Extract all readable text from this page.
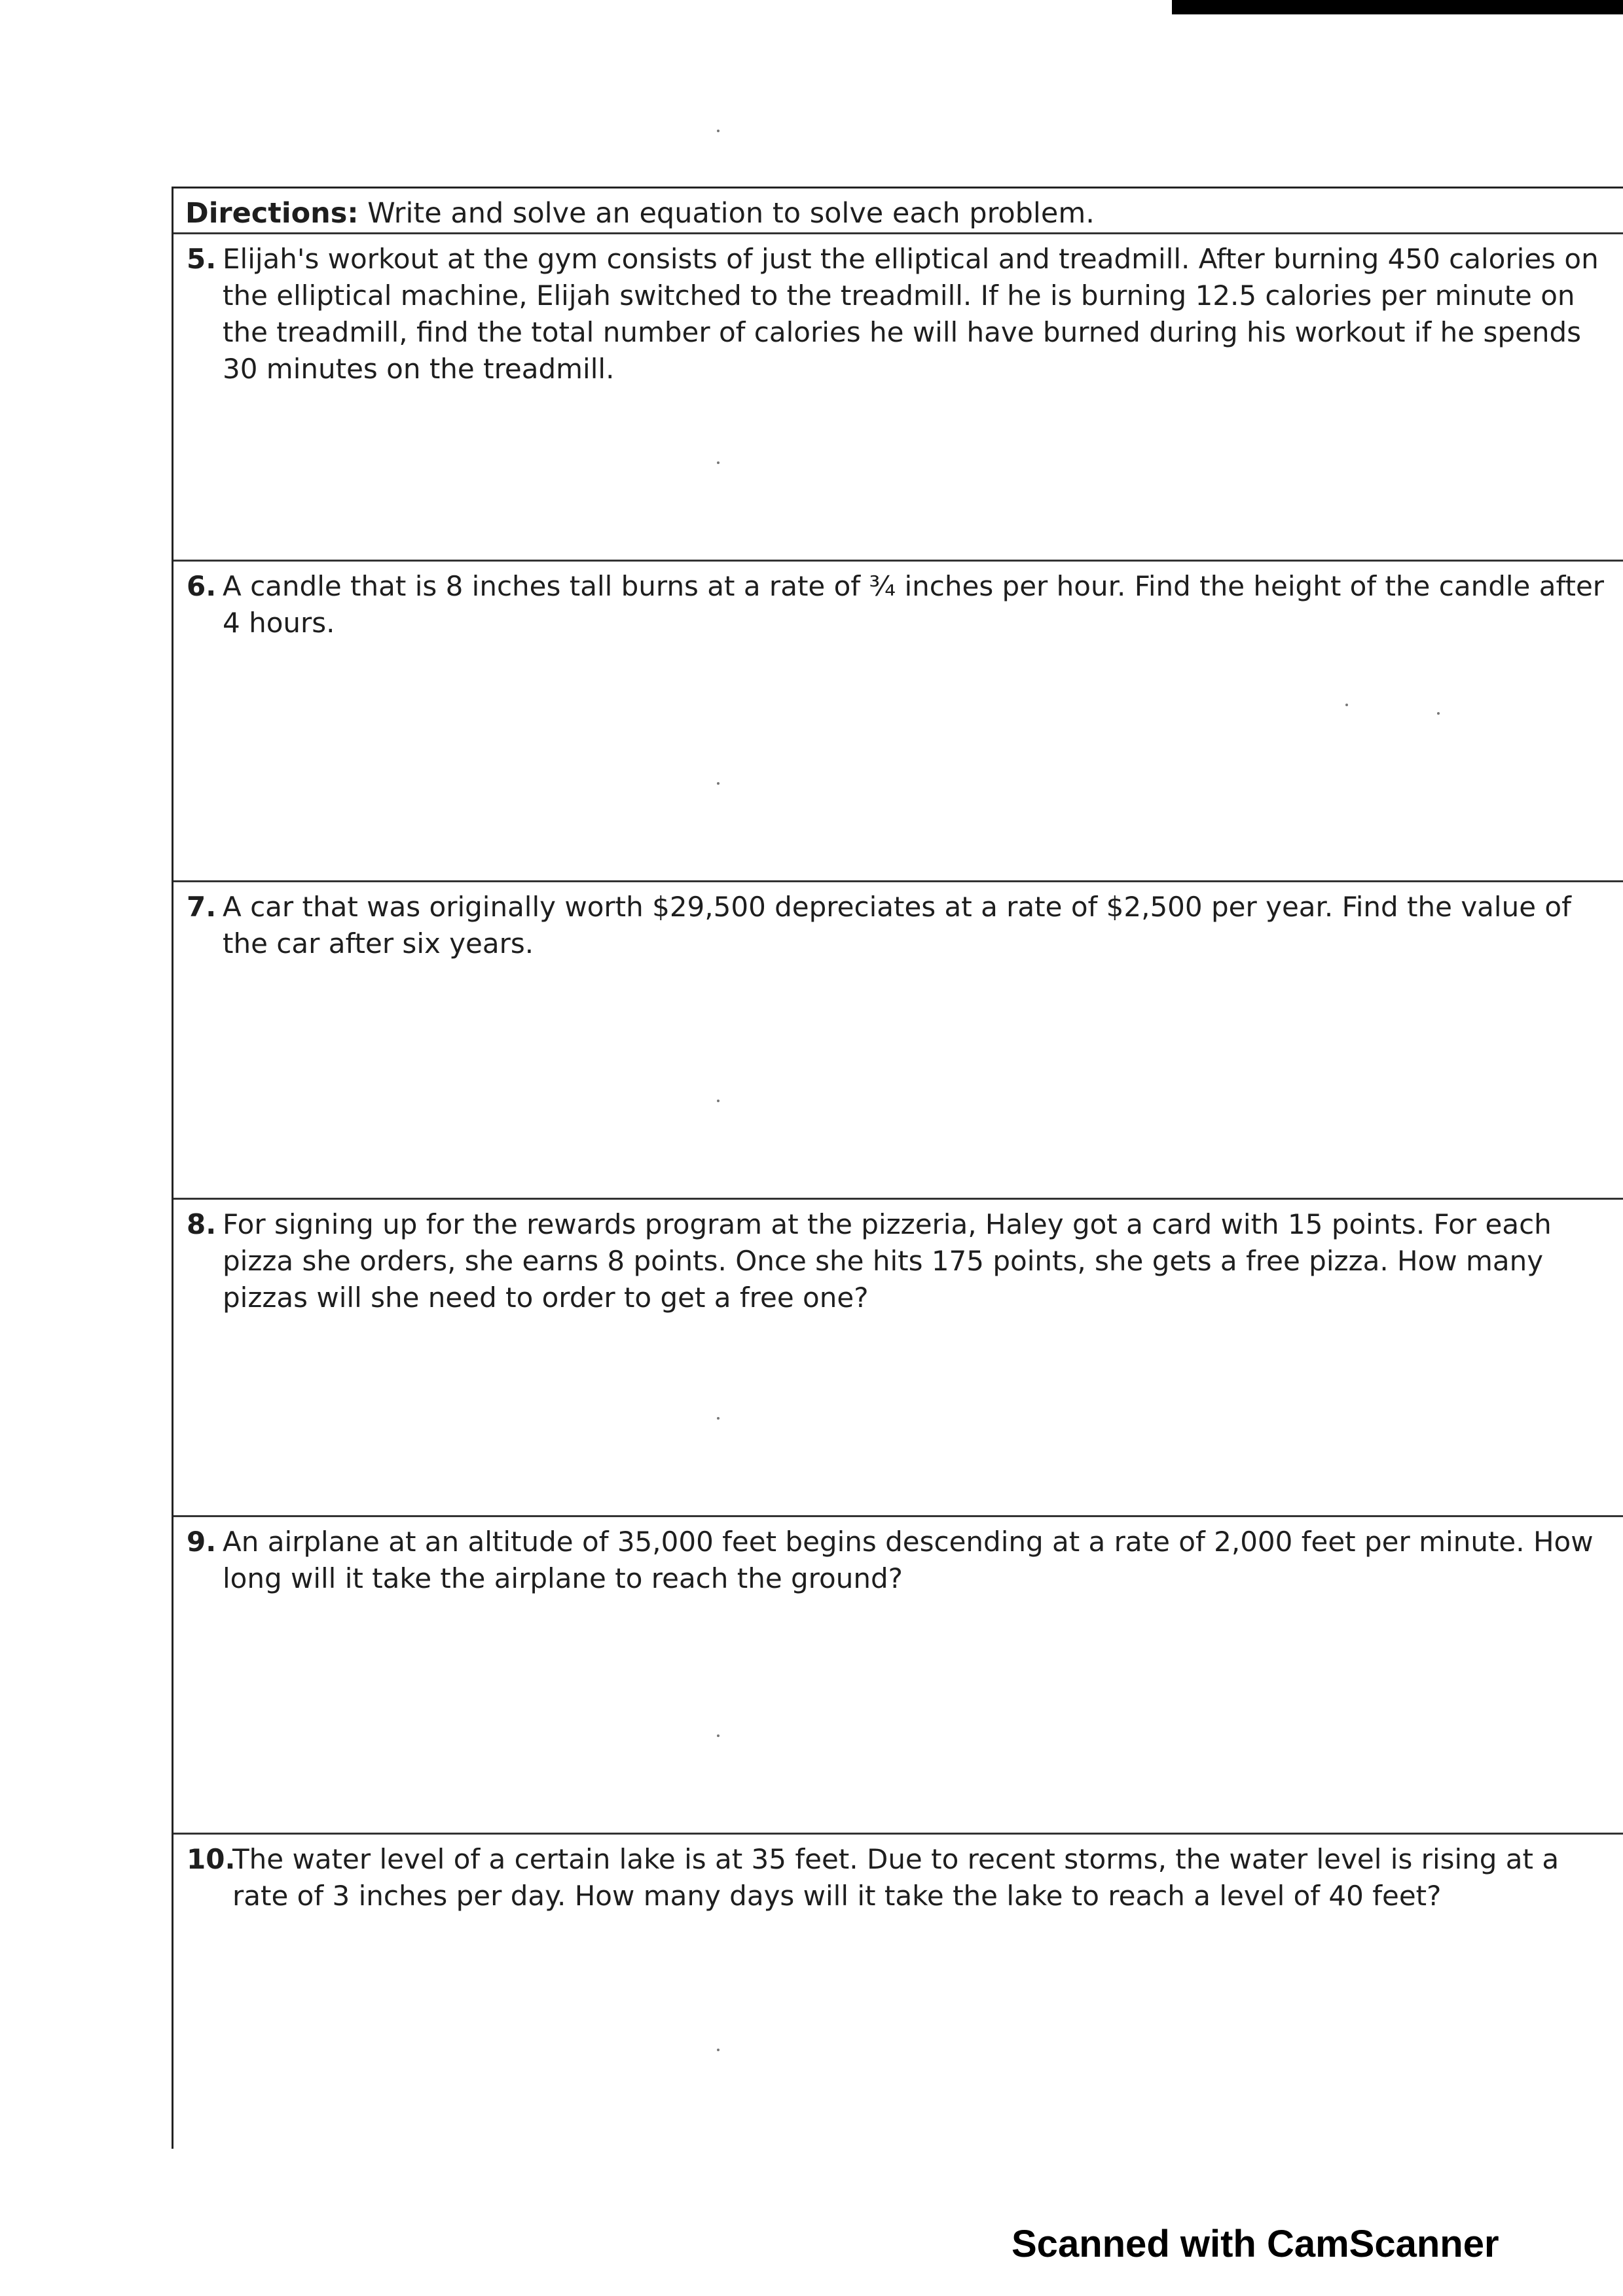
Directions: Write and solve an equation to solve each problem.

5. Elijah's workout at the gym consists of just the elliptical and treadmill. After burning 450 calories on the elliptical machine, Elijah switched to the treadmill. If he is burning 12.5 calories per minute on the treadmill, find the total number of calories he will have burned during his workout if he spends 30 minutes on the treadmill.

6. A candle that is 8 inches tall burns at a rate of ¾ inches per hour. Find the height of the candle after 4 hours.

7. A car that was originally worth $29,500 depreciates at a rate of $2,500 per year. Find the value of the car after six years.

8. For signing up for the rewards program at the pizzeria, Haley got a card with 15 points. For each pizza she orders, she earns 8 points. Once she hits 175 points, she gets a free pizza. How many pizzas will she need to order to get a free one?

9. An airplane at an altitude of 35,000 feet begins descending at a rate of 2,000 feet per minute. How long will it take the airplane to reach the ground?

10.
The water level of a certain lake is at 35 feet. Due to recent storms, the water level is rising at a rate of 3 inches per day. How many days will it take the lake to reach a level of 40 feet?

Scanned with CamScanner
